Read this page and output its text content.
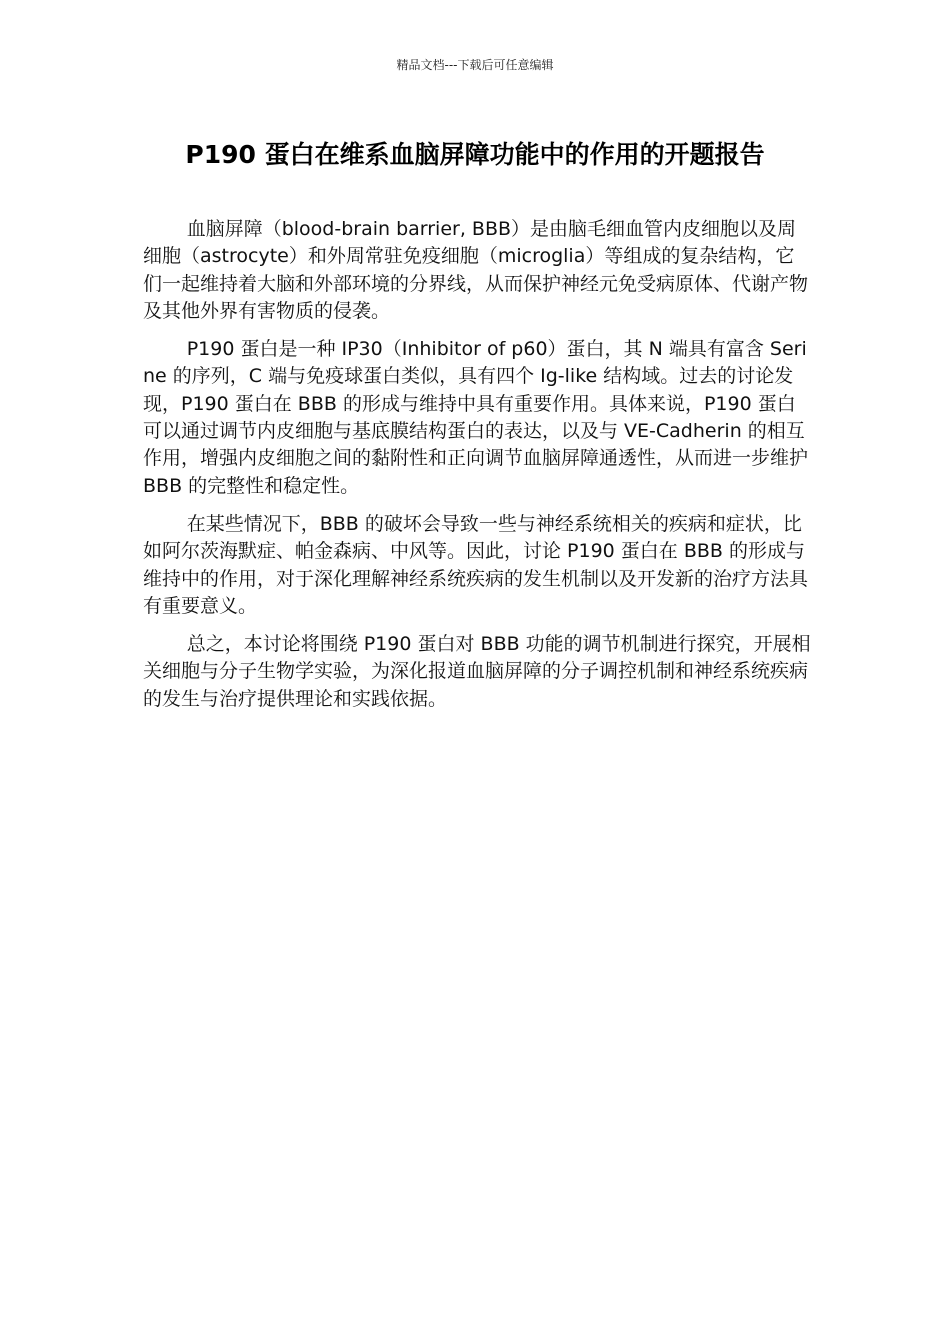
精品文档---下载后可任意编辑
P190 蛋白在维系血脑屏障功能中的作用的开题报告

血脑屏障（blood-brain barrier, BBB）是由脑毛细血管内皮细胞以及周细胞（astrocyte）和外周常驻免疫细胞（microglia）等组成的复杂结构，它们一起维持着大脑和外部环境的分界线，从而保护神经元免受病原体、代谢产物及其他外界有害物质的侵袭。

P190 蛋白是一种 IP30（Inhibitor of p60）蛋白，其 N 端具有富含 Serine 的序列，C 端与免疫球蛋白类似，具有四个 Ig-like 结构域。过去的讨论发现，P190 蛋白在 BBB 的形成与维持中具有重要作用。具体来说，P190 蛋白可以通过调节内皮细胞与基底膜结构蛋白的表达，以及与 VE-Cadherin 的相互作用，增强内皮细胞之间的黏附性和正向调节血脑屏障通透性，从而进一步维护 BBB 的完整性和稳定性。

在某些情况下，BBB 的破坏会导致一些与神经系统相关的疾病和症状，比如阿尔茨海默症、帕金森病、中风等。因此，讨论 P190 蛋白在 BBB 的形成与维持中的作用，对于深化理解神经系统疾病的发生机制以及开发新的治疗方法具有重要意义。

总之，本讨论将围绕 P190 蛋白对 BBB 功能的调节机制进行探究，开展相关细胞与分子生物学实验，为深化报道血脑屏障的分子调控机制和神经系统疾病的发生与治疗提供理论和实践依据。
